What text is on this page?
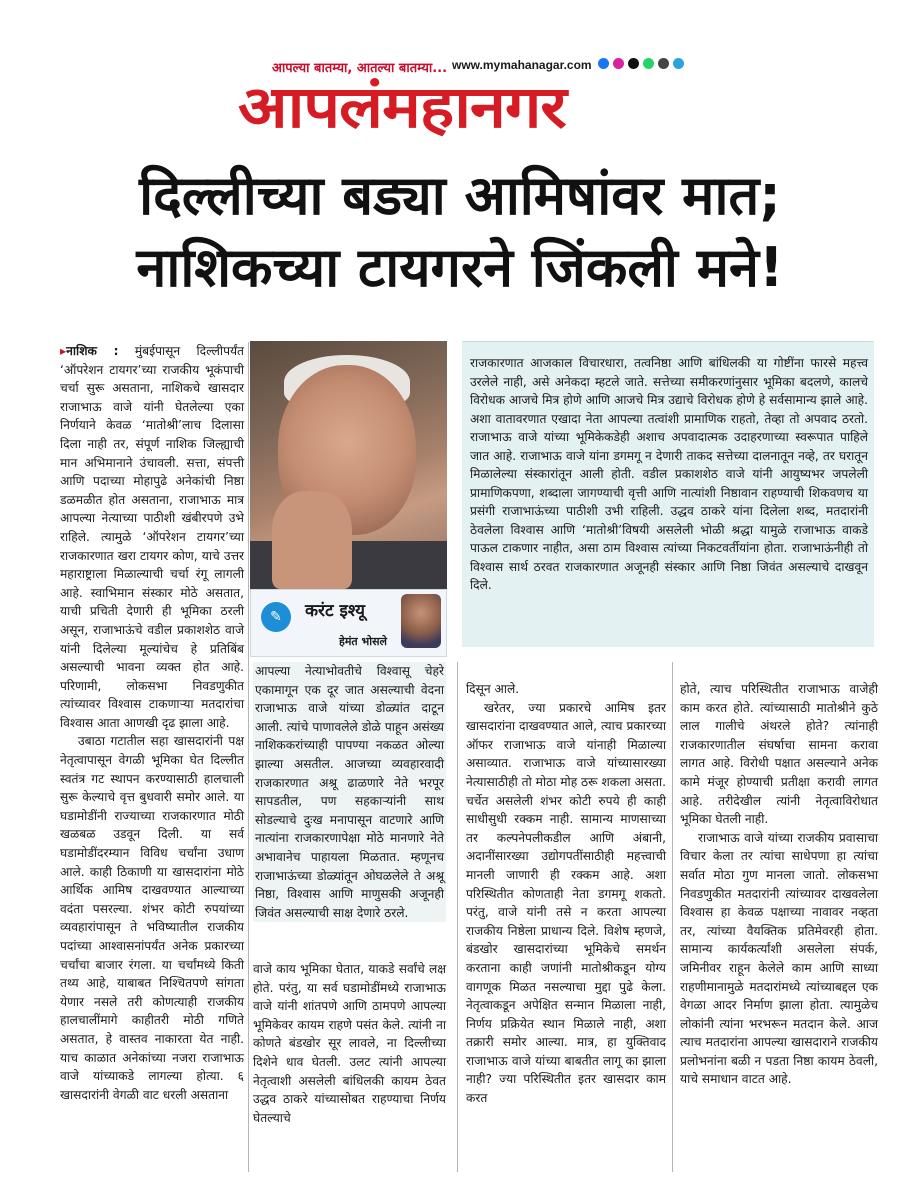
आपल्या बातम्या, आतल्या बातम्या... www.mymahanagar.com
आपलंमहानगर
दिल्लीच्या बड्या आमिषांवर मात;
नाशिकच्या टायगरने जिंकली मने!

▸नाशिक : मुंबईपासून दिल्लीपर्यंत ‘ऑपरेशन टायगर’च्या राजकीय भूकंपाची चर्चा सुरू असताना, नाशिकचे खासदार राजाभाऊ वाजे यांनी घेतलेल्या एका निर्णयाने केवळ ‘मातोश्री’लाच दिलासा दिला नाही तर, संपूर्ण नाशिक जिल्ह्याची मान अभिमानाने उंचावली. सत्ता, संपत्ती आणि पदाच्या मोहापुढे अनेकांची निष्ठा डळमळीत होत असताना, राजाभाऊ मात्र आपल्या नेत्याच्या पाठीशी खंबीरपणे उभे राहिले. त्यामुळे ‘ऑपरेशन टायगर’च्या राजकारणात खरा टायगर कोण, याचे उत्तर महाराष्ट्राला मिळाल्याची चर्चा रंगू लागली आहे. स्वाभिमान संस्कार मोठे असतात, याची प्रचिती देणारी ही भूमिका ठरली असून, राजाभाऊंचे वडील प्रकाशशेठ वाजे यांनी दिलेल्या मूल्यांचेच हे प्रतिबिंब असल्याची भावना व्यक्त होत आहे. परिणामी, लोकसभा निवडणुकीत त्यांच्यावर विश्वास टाकणाऱ्या मतदारांचा विश्वास आता आणखी दृढ झाला आहे.

उबाठा गटातील सहा खासदारांनी पक्ष नेतृत्वापासून वेगळी भूमिका घेत दिल्लीत स्वतंत्र गट स्थापन करण्यासाठी हालचाली सुरू केल्याचे वृत्त बुधवारी समोर आले. या घडामोडींनी राज्याच्या राजकारणात मोठी खळबळ उडवून दिली. या सर्व घडामोडींदरम्यान विविध चर्चांना उधाण आले. काही ठिकाणी या खासदारांना मोठे आर्थिक आमिष दाखवण्यात आल्याच्या वदंता पसरल्या. शंभर कोटी रुपयांच्या व्यवहारांपासून ते भविष्यातील राजकीय पदांच्या आश्वासनांपर्यंत अनेक प्रकारच्या चर्चांचा बाजार रंगला. या चर्चांमध्ये किती तथ्य आहे, याबाबत निश्चितपणे सांगता येणार नसले तरी कोणत्याही राजकीय हालचालींमागे काहीतरी मोठी गणिते असतात, हे वास्तव नाकारता येत नाही. याच काळात अनेकांच्या नजरा राजाभाऊ वाजे यांच्याकडे लागल्या होत्या. ६ खासदारांनी वेगळी वाट धरली असताना

✎	करंट इश्यू
हेमंत भोसले

राजकारणात आजकाल विचारधारा, तत्वनिष्ठा आणि बांधिलकी या गोष्टींना फारसे महत्त्व उरलेले नाही, असे अनेकदा म्हटले जाते. सत्तेच्या समीकरणांनुसार भूमिका बदलणे, कालचे विरोधक आजचे मित्र होणे आणि आजचे मित्र उद्याचे विरोधक होणे हे सर्वसामान्य झाले आहे. अशा वातावरणात एखादा नेता आपल्या तत्वांशी प्रामाणिक राहतो, तेव्हा तो अपवाद ठरतो. राजाभाऊ वाजे यांच्या भूमिकेकडेही अशाच अपवादात्मक उदाहरणाच्या स्वरूपात पाहिले जात आहे. राजाभाऊ वाजे यांना डगमगू न देणारी ताकद सत्तेच्या दालनातून नव्हे, तर घरातून मिळालेल्या संस्कारांतून आली होती. वडील प्रकाशशेठ वाजे यांनी आयुष्यभर जपलेली प्रामाणिकपणा, शब्दाला जागण्याची वृत्ती आणि नात्यांशी निष्ठावान राहण्याची शिकवणच या प्रसंगी राजाभाऊंच्या पाठीशी उभी राहिली. उद्धव ठाकरे यांना दिलेला शब्द, मतदारांनी ठेवलेला विश्वास आणि ‘मातोश्री’विषयी असलेली भोळी श्रद्धा यामुळे राजाभाऊ वाकडे पाऊल टाकणार नाहीत, असा ठाम विश्वास त्यांच्या निकटवर्तीयांना होता. राजाभाऊंनीही तो विश्वास सार्थ ठरवत राजकारणात अजूनही संस्कार आणि निष्ठा जिवंत असल्याचे दाखवून दिले.

आपल्या नेत्याभोवतीचे विश्वासू चेहरे एकामागून एक दूर जात असल्याची वेदना राजाभाऊ वाजे यांच्या डोळ्यांत दाटून आली. त्यांचे पाणावलेले डोळे पाहून असंख्य नाशिककरांच्याही पापण्या नकळत ओल्या झाल्या असतील. आजच्या व्यवहारवादी राजकारणात अश्रू ढाळणारे नेते भरपूर सापडतील, पण सहकाऱ्यांनी साथ सोडल्याचे दुःख मनापासून वाटणारे आणि नात्यांना राजकारणापेक्षा मोठे मानणारे नेते अभावानेच पाहायला मिळतात. म्हणूनच राजाभाऊंच्या डोळ्यांतून ओघळलेले ते अश्रू निष्ठा, विश्वास आणि माणुसकी अजूनही जिवंत असल्याची साक्ष देणारे ठरले.

वाजे काय भूमिका घेतात, याकडे सर्वांचे लक्ष होते. परंतु, या सर्व घडामोडींमध्ये राजाभाऊ वाजे यांनी शांतपणे आणि ठामपणे आपल्या भूमिकेवर कायम राहणे पसंत केले. त्यांनी ना कोणते बंडखोर सूर लावले, ना दिल्लीच्या दिशेने धाव घेतली. उलट त्यांनी आपल्या नेतृत्वाशी असलेली बांधिलकी कायम ठेवत उद्धव ठाकरे यांच्यासोबत राहण्याचा निर्णय घेतल्याचे

दिसून आले.

खरेतर, ज्या प्रकारचे आमिष इतर खासदारांना दाखवण्यात आले, त्याच प्रकारच्या ऑफर राजाभाऊ वाजे यांनाही मिळाल्या असाव्यात. राजाभाऊ वाजे यांच्यासारख्या नेत्यासाठीही तो मोठा मोह ठरू शकला असता. चर्चेत असलेली शंभर कोटी रुपये ही काही साधीसुधी रक्कम नाही. सामान्य माणसाच्या तर कल्पनेपलीकडील आणि अंबानी, अदानींसारख्या उद्योगपतींसाठीही महत्त्वाची मानली जाणारी ही रक्कम आहे. अशा परिस्थितीत कोणताही नेता डगमगू शकतो. परंतु, वाजे यांनी तसे न करता आपल्या राजकीय निष्ठेला प्राधान्य दिले. विशेष म्हणजे, बंडखोर खासदारांच्या भूमिकेचे समर्थन करताना काही जणांनी मातोश्रीकडून योग्य वागणूक मिळत नसल्याचा मुद्दा पुढे केला. नेतृत्वाकडून अपेक्षित सन्मान मिळाला नाही, निर्णय प्रक्रियेत स्थान मिळाले नाही, अशा तक्रारी समोर आल्या. मात्र, हा युक्तिवाद राजाभाऊ वाजे यांच्या बाबतीत लागू का झाला नाही? ज्या परिस्थितीत इतर खासदार काम करत

होते, त्याच परिस्थितीत राजाभाऊ वाजेही काम करत होते. त्यांच्यासाठी मातोश्रीने कुठे लाल गालीचे अंथरले होते? त्यांनाही राजकारणातील संघर्षाचा सामना करावा लागत आहे. विरोधी पक्षात असल्याने अनेक कामे मंजूर होण्याची प्रतीक्षा करावी लागत आहे. तरीदेखील त्यांनी नेतृत्वाविरोधात भूमिका घेतली नाही.

राजाभाऊ वाजे यांच्या राजकीय प्रवासाचा विचार केला तर त्यांचा साधेपणा हा त्यांचा सर्वात मोठा गुण मानला जातो. लोकसभा निवडणुकीत मतदारांनी त्यांच्यावर दाखवलेला विश्वास हा केवळ पक्षाच्या नावावर नव्हता तर, त्यांच्या वैयक्तिक प्रतिमेवरही होता. सामान्य कार्यकर्त्यांशी असलेला संपर्क, जमिनीवर राहून केलेले काम आणि साध्या राहणीमानामुळे मतदारांमध्ये त्यांच्याबद्दल एक वेगळा आदर निर्माण झाला होता. त्यामुळेच लोकांनी त्यांना भरभरून मतदान केले. आज त्याच मतदारांना आपल्या खासदाराने राजकीय प्रलोभनांना बळी न पडता निष्ठा कायम ठेवली, याचे समाधान वाटत आहे.
